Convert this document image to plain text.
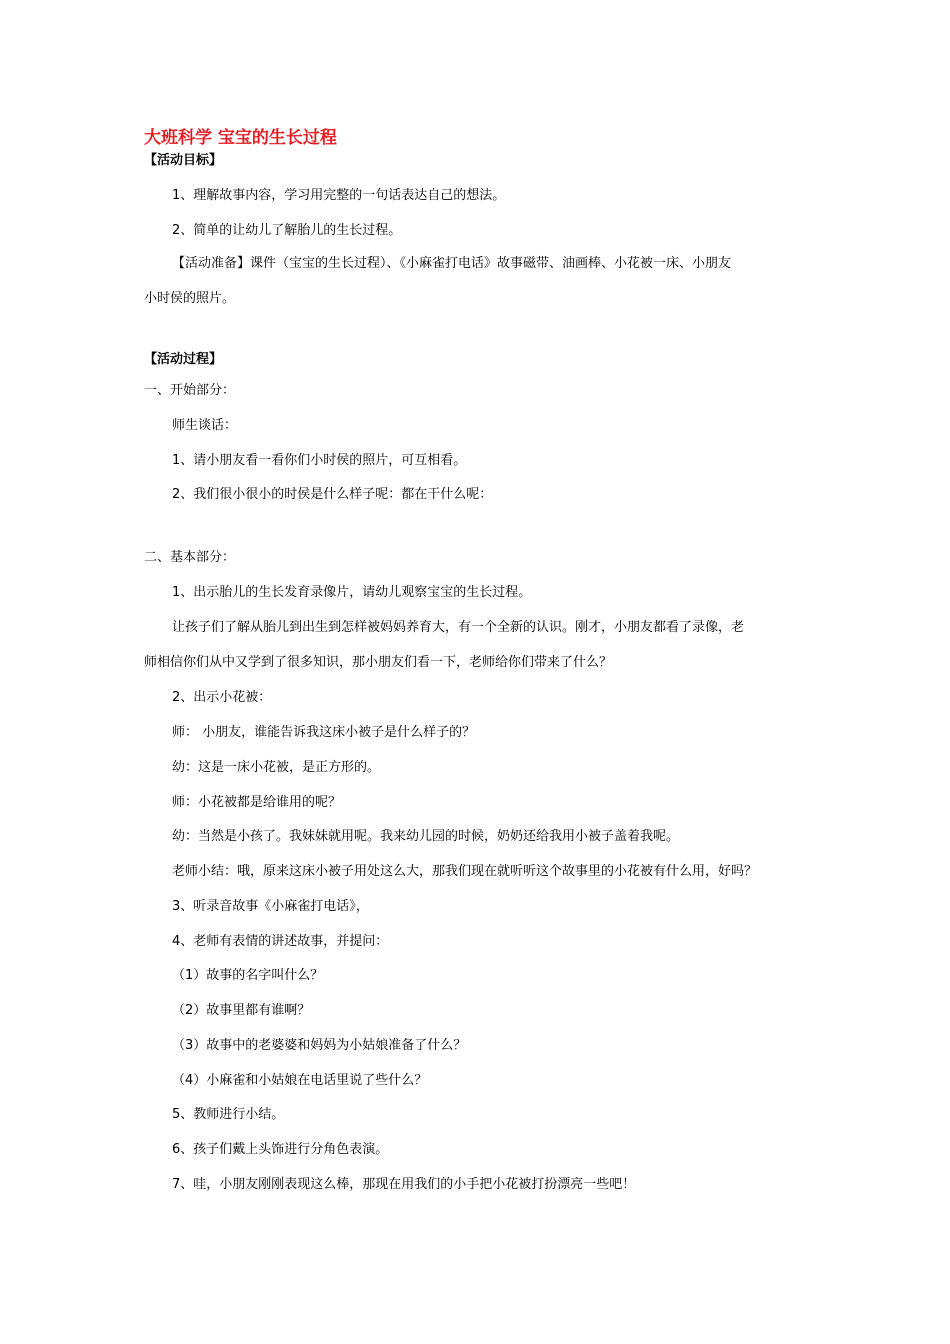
大班科学 宝宝的生长过程
【活动目标】
1、理解故事内容，学习用完整的一句话表达自己的想法。
2、简单的让幼儿了解胎儿的生长过程。
【活动准备】课件（宝宝的生长过程）、《小麻雀打电话》故事磁带、油画棒、小花被一床、小朋友
小时侯的照片。
【活动过程】
一、开始部分：
师生谈话：
1、请小朋友看一看你们小时侯的照片，可互相看。
2、我们很小很小的时侯是什么样子呢：都在干什么呢：
二、基本部分：
1、出示胎儿的生长发育录像片，请幼儿观察宝宝的生长过程。
让孩子们了解从胎儿到出生到怎样被妈妈养育大，有一个全新的认识。刚才，小朋友都看了录像，老
师相信你们从中又学到了很多知识，那小朋友们看一下，老师给你们带来了什么？
2、出示小花被：
师： 小朋友，谁能告诉我这床小被子是什么样子的？
幼：这是一床小花被，是正方形的。
师：小花被都是给谁用的呢？
幼：当然是小孩了。我妹妹就用呢。我来幼儿园的时候，奶奶还给我用小被子盖着我呢。
老师小结：哦，原来这床小被子用处这么大，那我们现在就听听这个故事里的小花被有什么用，好吗？
3、听录音故事《小麻雀打电话》，
4、老师有表情的讲述故事，并提问：
（1）故事的名字叫什么？
（2）故事里都有谁啊？
（3）故事中的老婆婆和妈妈为小姑娘准备了什么？
（4）小麻雀和小姑娘在电话里说了些什么？
5、教师进行小结。
6、孩子们戴上头饰进行分角色表演。
7、哇，小朋友刚刚表现这么棒，那现在用我们的小手把小花被打扮漂亮一些吧！
